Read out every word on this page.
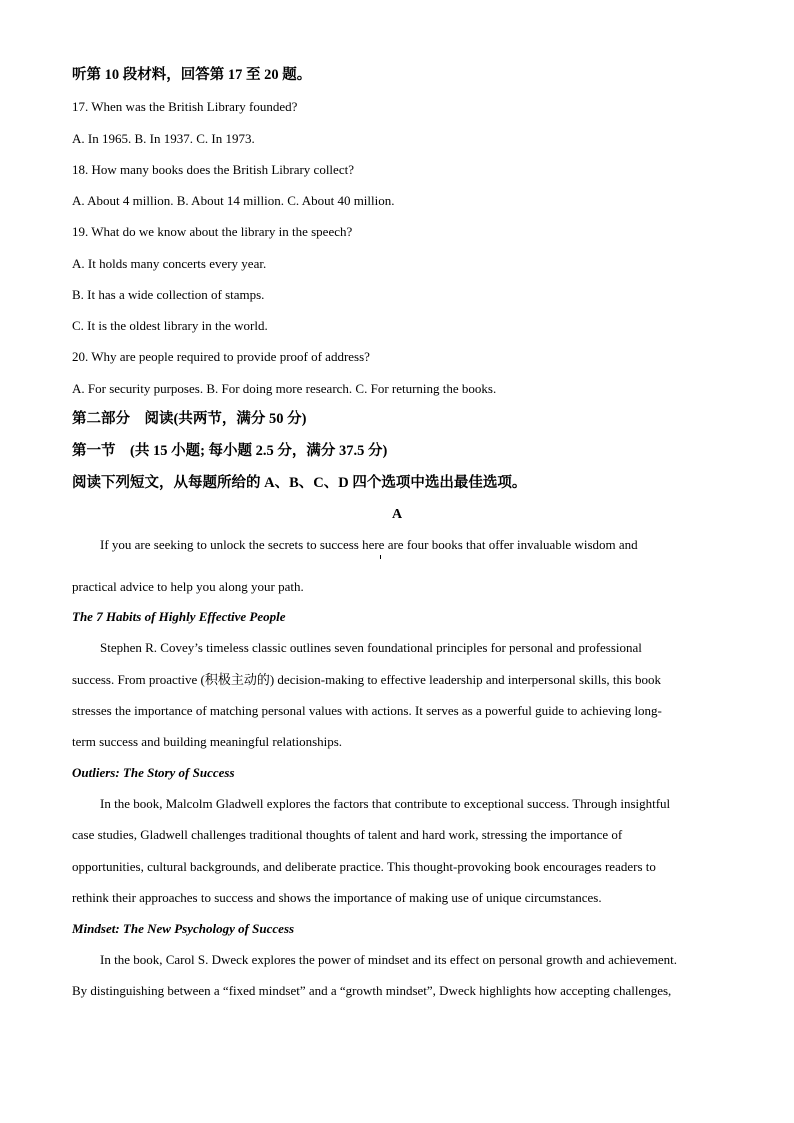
听第 10 段材料，回答第 17 至 20 题。
17. When was the British Library founded?
A. In 1965. B. In 1937. C. In 1973.
18. How many books does the British Library collect?
A. About 4 million. B. About 14 million. C. About 40 million.
19. What do we know about the library in the speech?
A. It holds many concerts every year.
B. It has a wide collection of stamps.
C. It is the oldest library in the world.
20. Why are people required to provide proof of address?
A. For security purposes. B. For doing more research. C. For returning the books.
第二部分　阅读(共两节，满分 50 分)
第一节　(共 15 小题; 每小题 2.5 分，满分 37.5 分)
阅读下列短文，从每题所给的 A、B、C、D 四个选项中选出最佳选项。
A
If you are seeking to unlock the secrets to success here are four books that offer invaluable wisdom and
practical advice to help you along your path.
The 7 Habits of Highly Effective People
Stephen R. Covey’s timeless classic outlines seven foundational principles for personal and professional
success. From proactive (积极主动的) decision-making to effective leadership and interpersonal skills, this book
stresses the importance of matching personal values with actions. It serves as a powerful guide to achieving long-
term success and building meaningful relationships.
Outliers: The Story of Success
In the book, Malcolm Gladwell explores the factors that contribute to exceptional success. Through insightful
case studies, Gladwell challenges traditional thoughts of talent and hard work, stressing the importance of
opportunities, cultural backgrounds, and deliberate practice. This thought-provoking book encourages readers to
rethink their approaches to success and shows the importance of making use of unique circumstances.
Mindset: The New Psychology of Success
In the book, Carol S. Dweck explores the power of mindset and its effect on personal growth and achievement.
By distinguishing between a “fixed mindset” and a “growth mindset”, Dweck highlights how accepting challenges,
